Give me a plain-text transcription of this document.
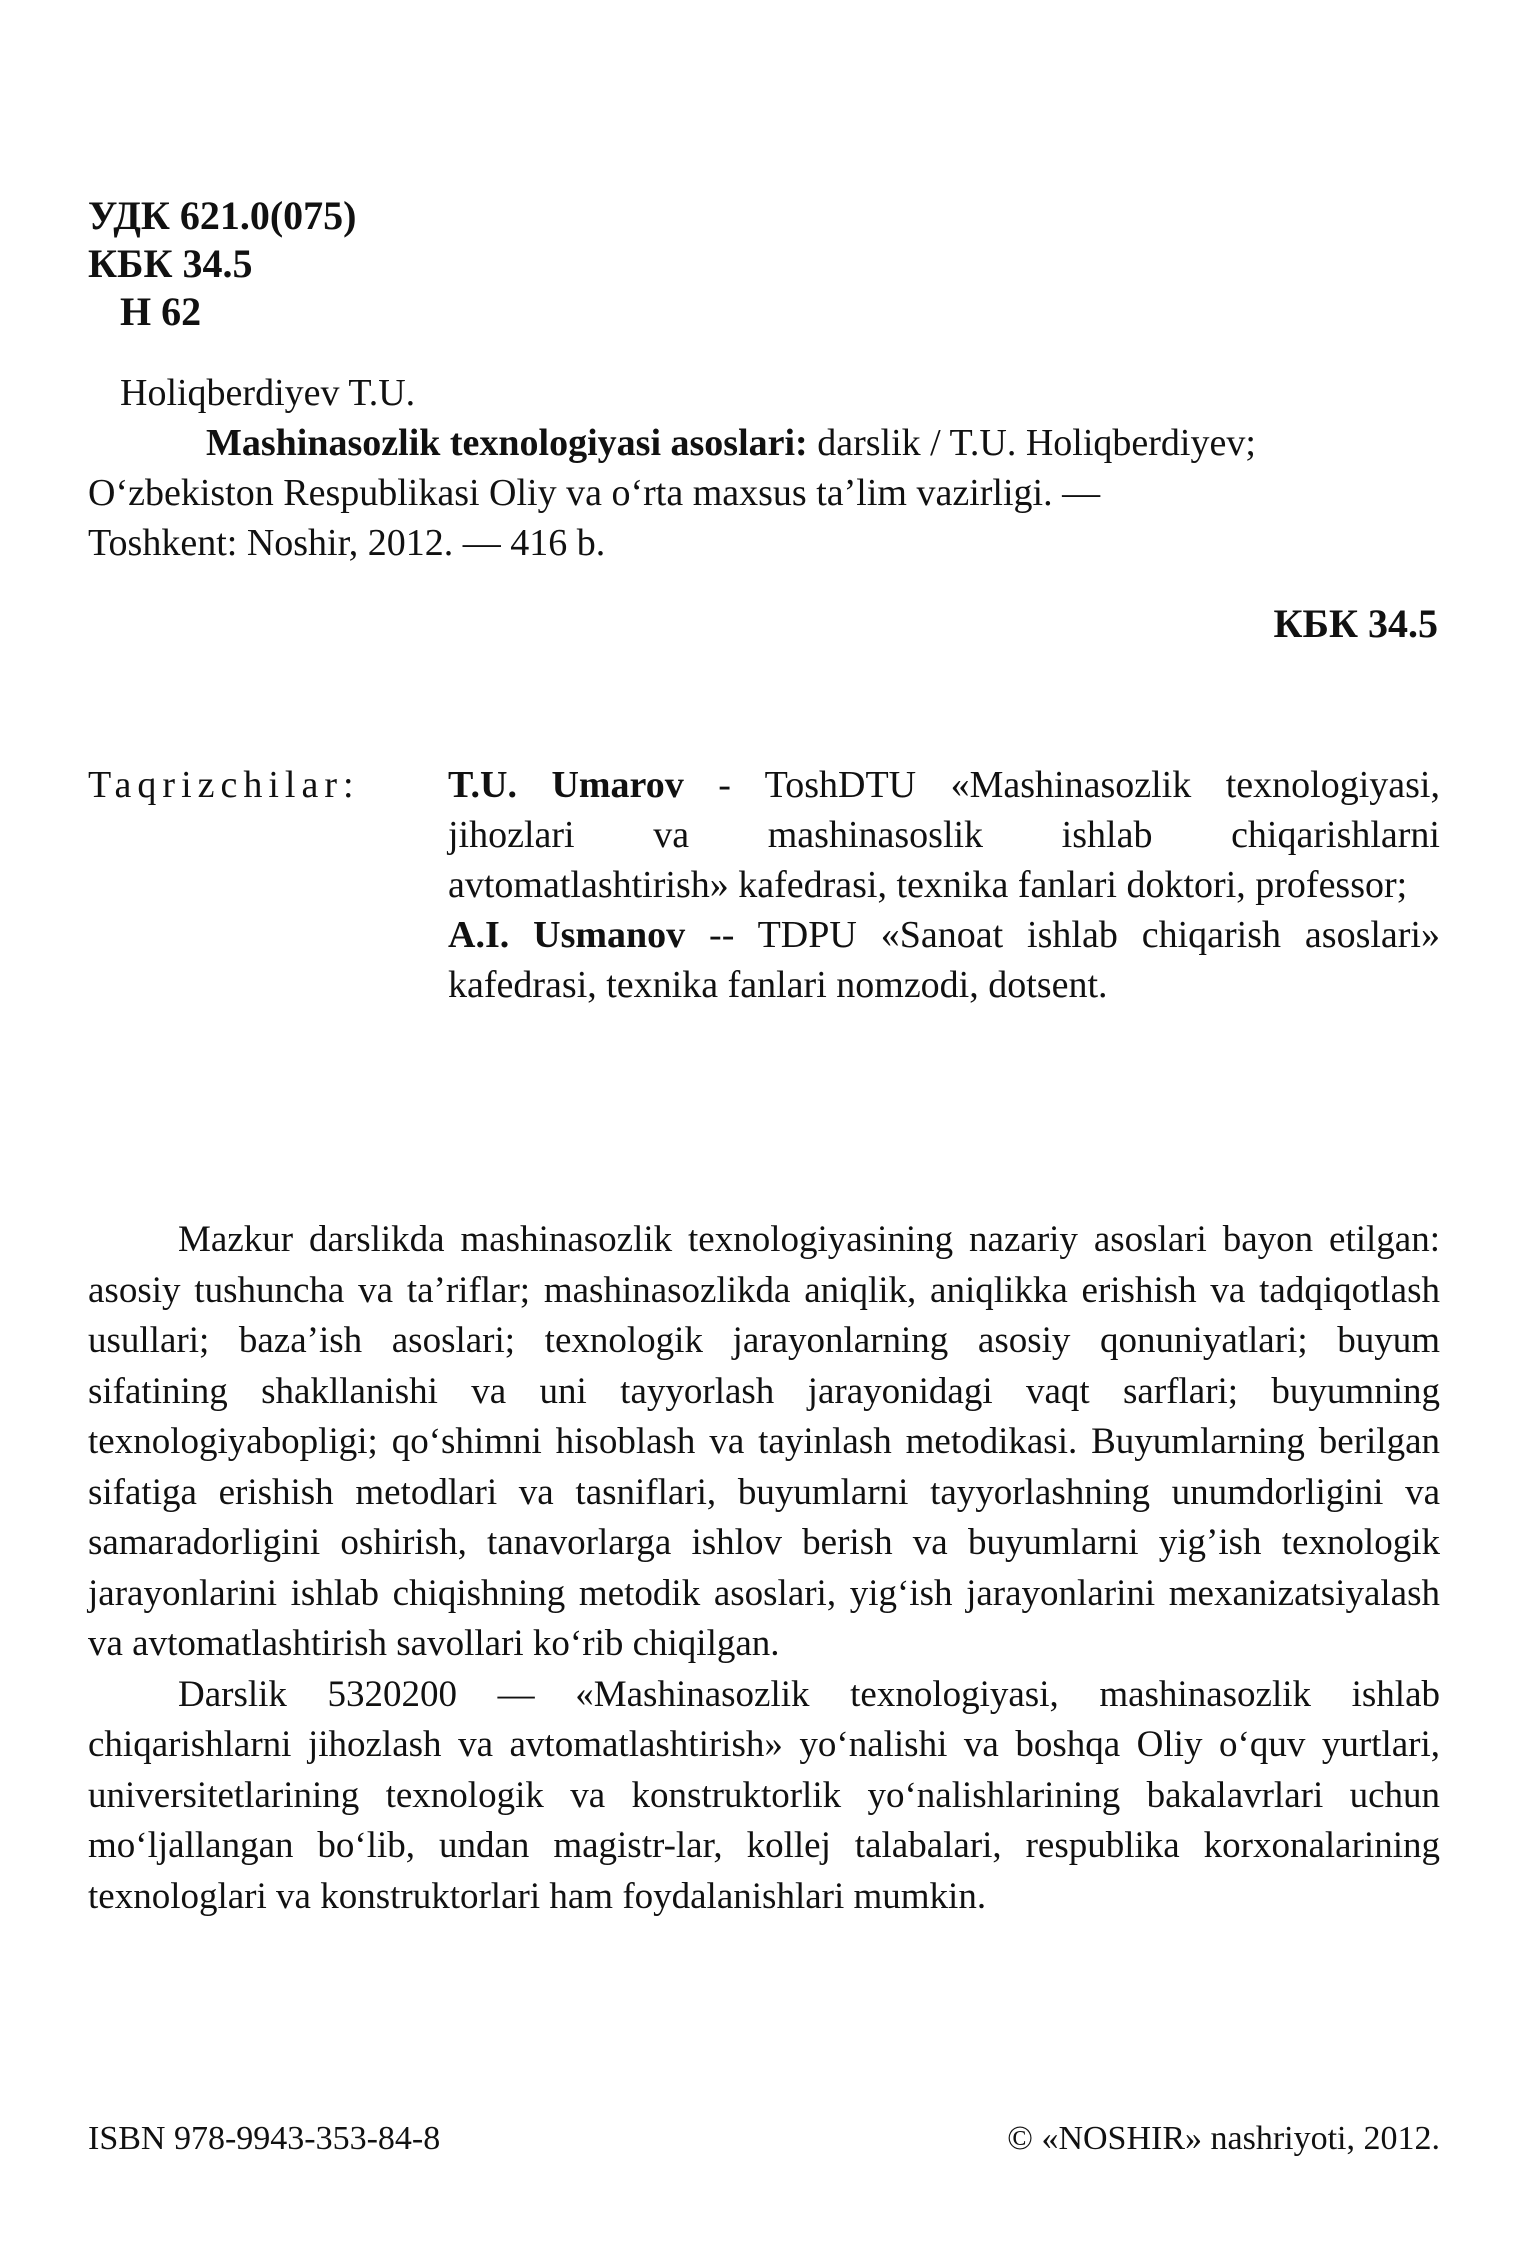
УДК 621.0(075)
КБК 34.5
Н 62
Holiqberdiyev T.U.
Mashinasozlik texnologiyasi asoslari: darslik / T.U. Holiqberdiyev;
O‘zbekiston Respublikasi Oliy va o‘rta maxsus ta’lim vazirligi. —
Toshkent: Noshir, 2012. — 416 b.
КБК 34.5
Taqrizchilar: T.U. Umarov - ToshDTU «Mashinasozlik texnologiyasi, jihozlari va mashinasoslik ishlab chiqarishlarni avtomatlashtirish» kafedrasi, texnika fanlari doktori, professor;
A.I. Usmanov -- TDPU «Sanoat ishlab chiqarish asoslari» kafedrasi, texnika fanlari nomzodi, dotsent.

Mazkur darslikda mashinasozlik texnologiyasining nazariy asoslari bayon etilgan: asosiy tushuncha va ta’riflar; mashinasozlikda aniqlik, aniqlikka erishish va tadqiqotlash usullari; baza’ish asoslari; texnologik jarayonlarning asosiy qonuniyatlari; buyum sifatining shakllanishi va uni tayyorlash jarayonidagi vaqt sarflari; buyumning texnologiyabopligi; qo‘shimni hisoblash va tayinlash metodikasi. Buyumlarning berilgan sifatiga erishish metodlari va tasniflari, buyumlarni tayyorlashning unumdorligini va samaradorligini oshirish, tanavorlarga ishlov berish va buyumlarni yig’ish texnologik jarayonlarini ishlab chiqishning metodik asoslari, yig‘ish jarayonlarini mexanizatsiyalash va avtomatlashtirish savollari ko‘rib chiqilgan.

Darslik 5320200 — «Mashinasozlik texnologiyasi, mashinasozlik ishlab chiqarishlarni jihozlash va avtomatlashtirish» yo‘nalishi va boshqa Oliy o‘quv yurtlari, universitetlarining texnologik va konstruktorlik yo‘nalishlarining bakalavrlari uchun mo‘ljallangan bo‘lib, undan magistr-lar, kollej talabalari, respublika korxonalarining texnologlari va konstruktorlari ham foydalanishlari mumkin.

ISBN 978-9943-353-84-8	© «NOSHIR» nashriyoti, 2012.
